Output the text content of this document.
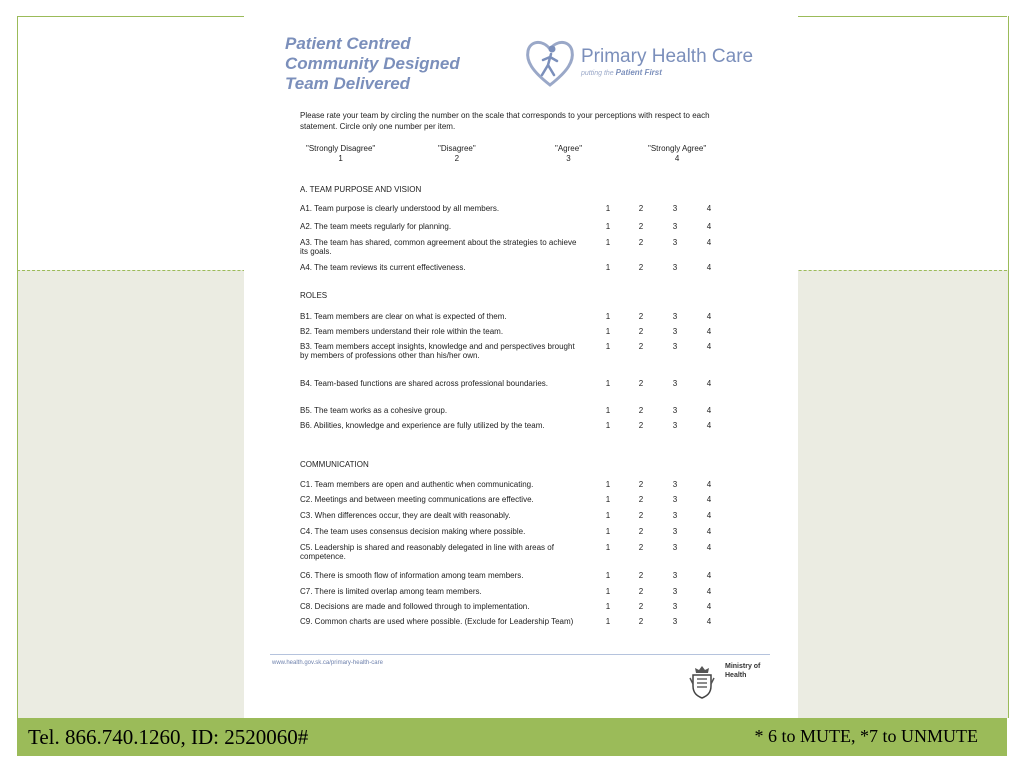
Tel. 866.740.1260, ID: 2520060#	* 6 to MUTE, *7 to UNMUTE
Patient Centred
Community Designed
Team Delivered
Primary Health Care
putting the Patient First
Please rate your team by circling the number on the scale that corresponds to your perceptions with respect to each statement. Circle only one number per item.
"Strongly Disagree"
1
"Disagree"
2
"Agree"
3
"Strongly Agree"
4
A. TEAM PURPOSE AND VISION
ROLES
COMMUNICATION
A1. Team purpose is clearly understood by all members.	1	2	3	4
A2. The team meets regularly for planning.	1	2	3	4
A3. The team has shared, common agreement about the strategies to achieve its goals.
1	2	3	4
A4. The team reviews its current effectiveness.	1	2	3	4
B1. Team members are clear on what is expected of them.	1	2	3	4
B2. Team members understand their role within the team.	1	2	3	4
B3. Team members accept insights, knowledge and and perspectives brought by members of professions other than his/her own.
1	2	3	4
B4. Team-based functions are shared across professional boundaries.	1	2	3	4
B5. The team works as a cohesive group.	1	2	3	4
B6. Abilities, knowledge and experience are fully utilized by the team.	1	2	3	4
C1. Team members are open and authentic when communicating.	1	2	3	4
C2. Meetings and between meeting communications are effective.	1	2	3	4
C3. When differences occur, they are dealt with reasonably.	1	2	3	4
C4. The team uses consensus decision making where possible.	1	2	3	4
C5. Leadership is shared and reasonably delegated in line with areas of competence.
1	2	3	4
C6. There is smooth flow of information among team members.	1	2	3	4
C7. There is limited overlap among team members.	1	2	3	4
C8. Decisions are made and followed through to implementation.	1	2	3	4
C9. Common charts are used where possible. (Exclude for Leadership Team)	1	2	3	4
www.health.gov.sk.ca/primary-health-care	Ministry of
Health
